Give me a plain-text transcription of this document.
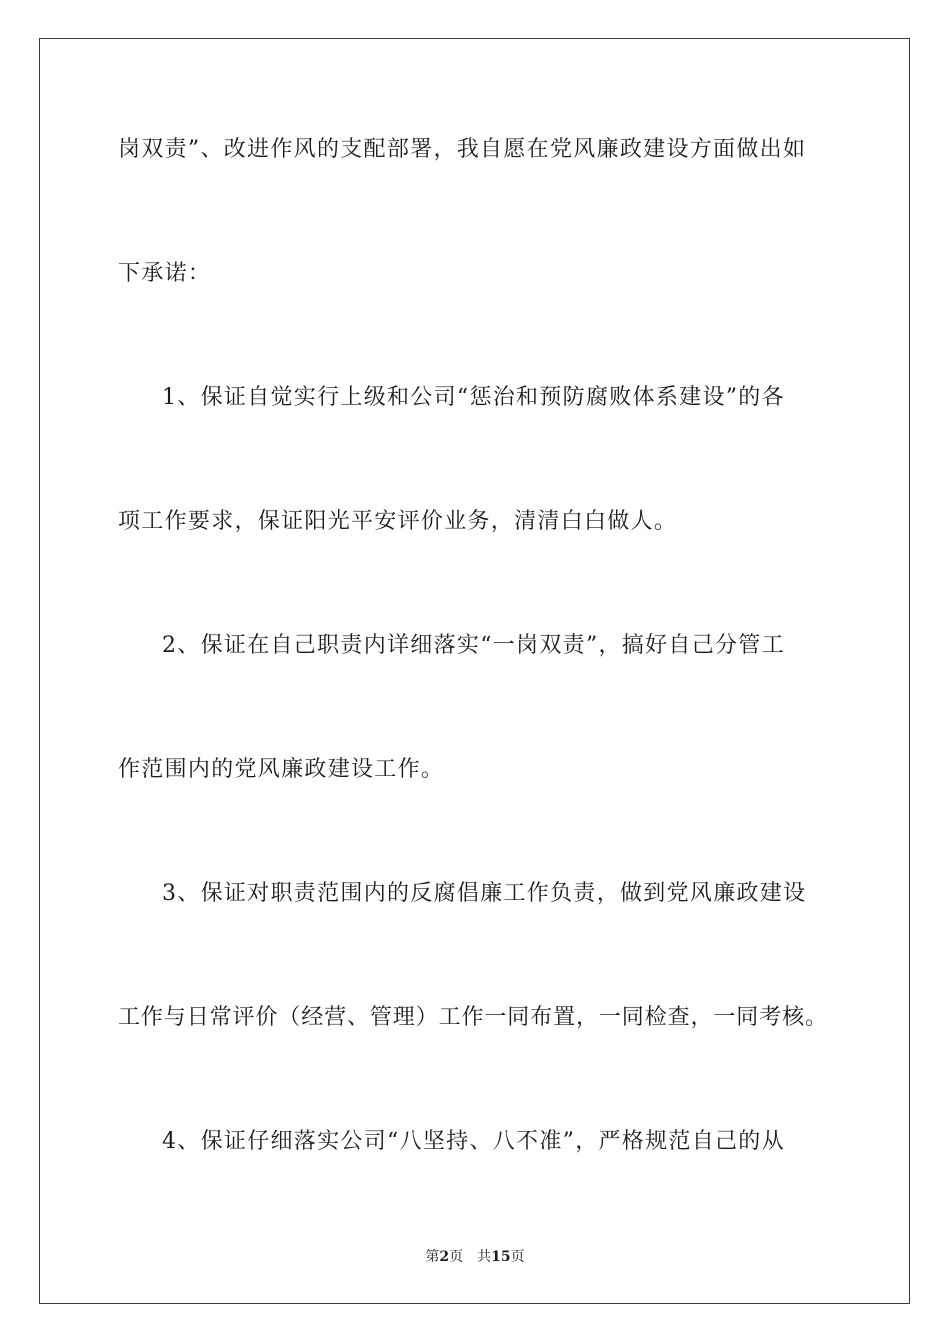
岗双责”、改进作风的支配部署，我自愿在党风廉政建设方面做出如
下承诺：
1、保证自觉实行上级和公司“惩治和预防腐败体系建设”的各
项工作要求，保证阳光平安评价业务，清清白白做人。
2、保证在自己职责内详细落实“一岗双责”，搞好自己分管工
作范围内的党风廉政建设工作。
3、保证对职责范围内的反腐倡廉工作负责，做到党风廉政建设
工作与日常评价（经营、管理）工作一同布置，一同检查，一同考核。
4、保证仔细落实公司“八坚持、八不准”，严格规范自己的从
第2页 共15页
